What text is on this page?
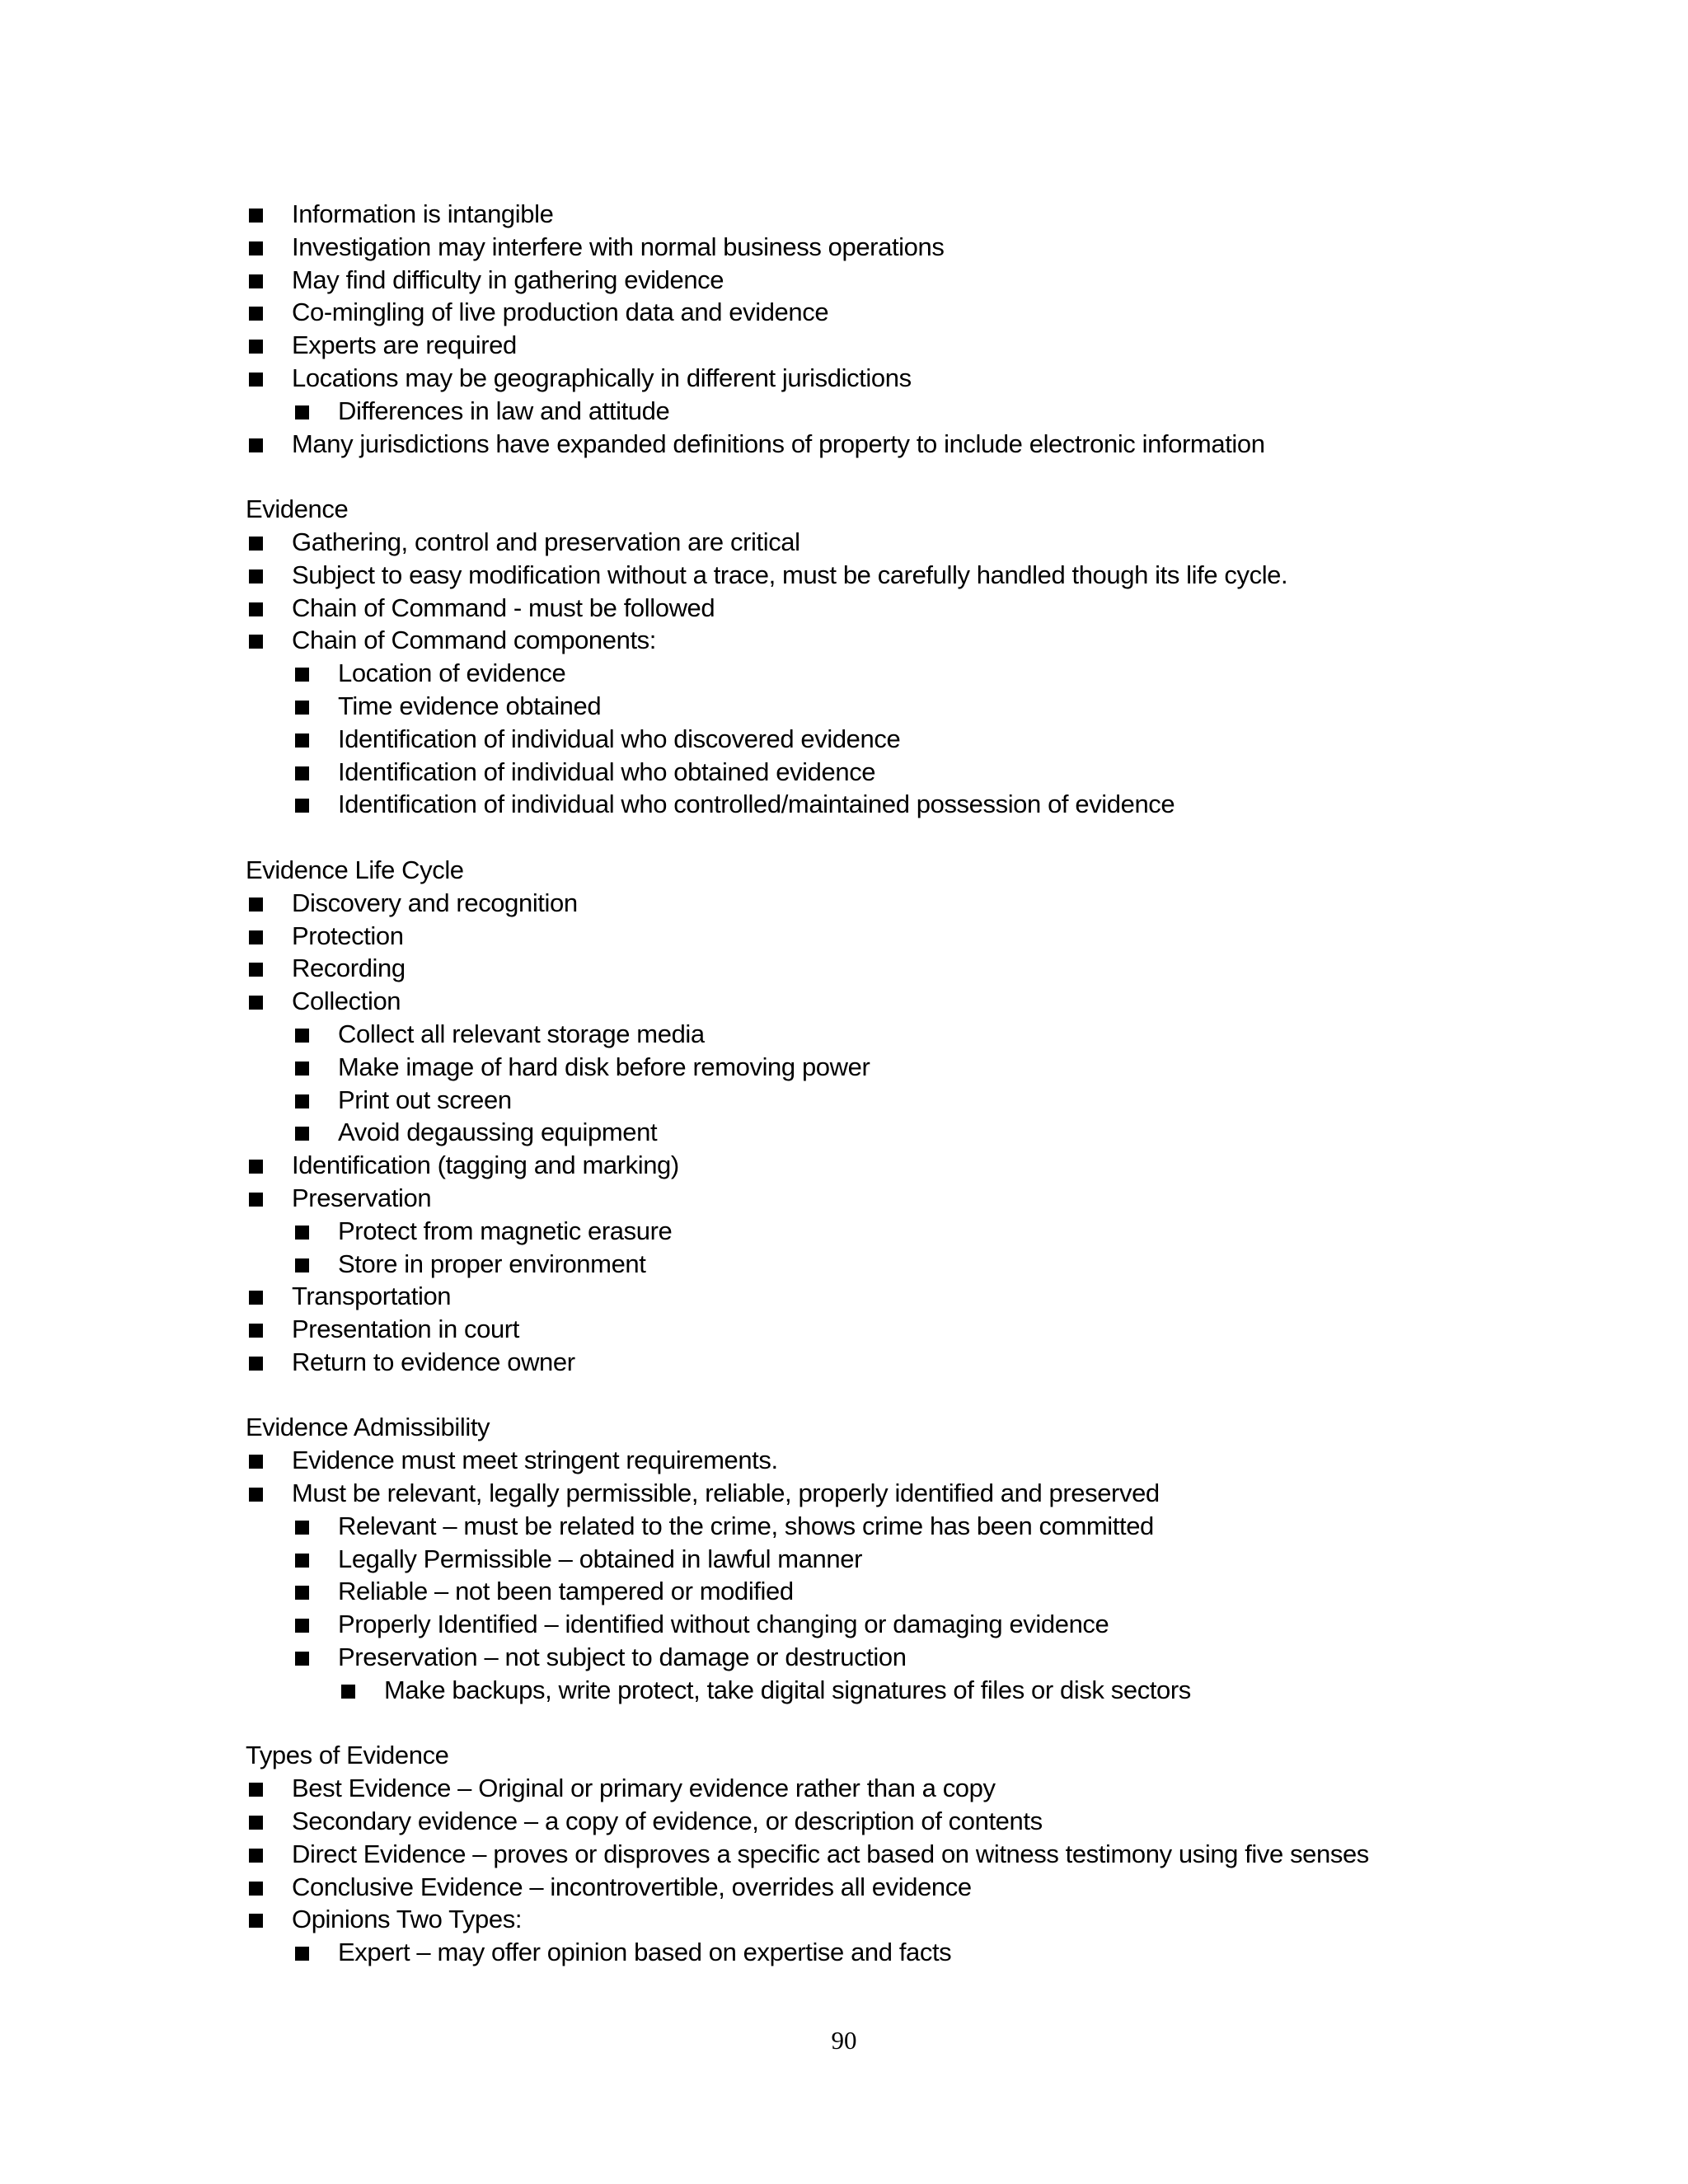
Information is intangible
Investigation may interfere with normal business operations
May find difficulty in gathering evidence
Co-mingling of live production data and evidence
Experts are required
Locations may be geographically in different jurisdictions
Differences in law and attitude
Many jurisdictions have expanded definitions of property to include electronic information
Evidence
Gathering, control and preservation are critical
Subject to easy modification without a trace, must be carefully handled though its life cycle.
Chain of Command - must be followed
Chain of Command components:
Location of evidence
Time evidence obtained
Identification of individual who discovered evidence
Identification of individual who obtained evidence
Identification of individual who controlled/maintained possession of evidence
Evidence Life Cycle
Discovery and recognition
Protection
Recording
Collection
Collect all relevant storage media
Make image of hard disk before removing power
Print out screen
Avoid degaussing equipment
Identification (tagging and marking)
Preservation
Protect from magnetic erasure
Store in proper environment
Transportation
Presentation in court
Return to evidence owner
Evidence Admissibility
Evidence must meet stringent requirements.
Must be relevant, legally permissible, reliable, properly identified and preserved
Relevant – must be related to the crime, shows crime has been committed
Legally Permissible – obtained in lawful manner
Reliable – not been tampered or modified
Properly Identified – identified without changing or damaging evidence
Preservation – not subject to damage or destruction
Make backups, write protect, take digital signatures of files or disk sectors
Types of Evidence
Best Evidence – Original or primary evidence rather than a copy
Secondary evidence – a copy of evidence, or description of contents
Direct Evidence – proves or disproves a specific act based on witness testimony using five senses
Conclusive Evidence – incontrovertible, overrides all evidence
Opinions Two Types:
Expert – may offer opinion based on expertise and facts
90
